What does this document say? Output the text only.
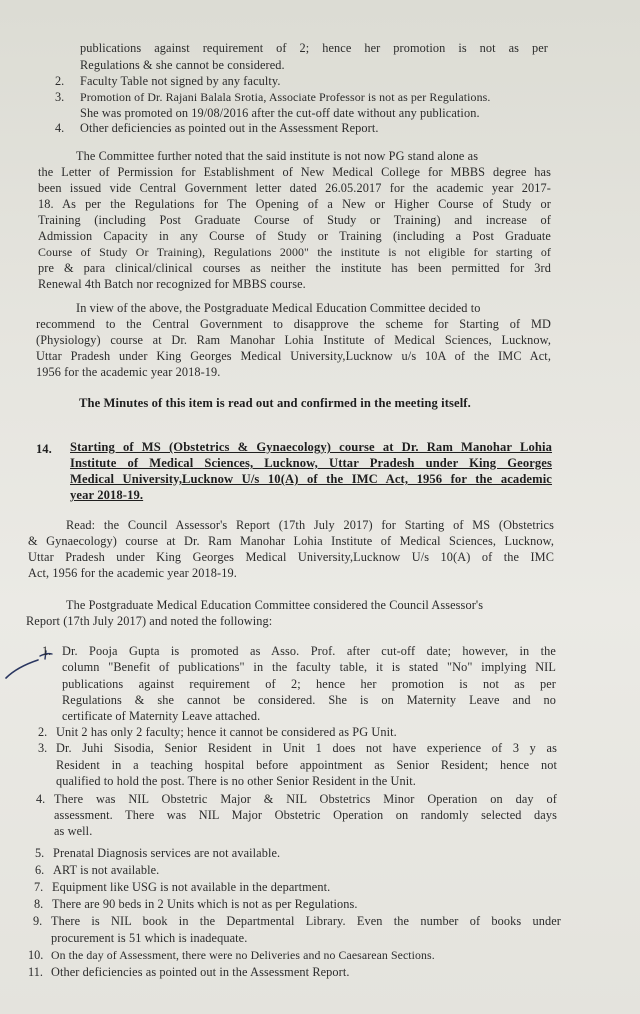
publications against requirement of 2; hence her promotion is not as per
Regulations & she cannot be considered.
2. Faculty Table not signed by any faculty.
3. Promotion of Dr. Rajani Balala Srotia, Associate Professor is not as per Regulations.
She was promoted on 19/08/2016 after the cut-off date without any publication.
4. Other deficiencies as pointed out in the Assessment Report.
The Committee further noted that the said institute is not now PG stand alone as
the Letter of Permission for Establishment of New Medical College for MBBS degree has
been issued vide Central Government letter dated 26.05.2017 for the academic year 2017-
18. As per the Regulations for The Opening of a New or Higher Course of Study or
Training (including Post Graduate Course of Study or Training) and increase of
Admission Capacity in any Course of Study or Training (including a Post Graduate
Course of Study Or Training), Regulations 2000" the institute is not eligible for starting of
pre & para clinical/clinical courses as neither the institute has been permitted for 3rd
Renewal 4th Batch nor recognized for MBBS course.
In view of the above, the Postgraduate Medical Education Committee decided to
recommend to the Central Government to disapprove the scheme for Starting of MD
(Physiology) course at Dr. Ram Manohar Lohia Institute of Medical Sciences, Lucknow,
Uttar Pradesh under King Georges Medical University,Lucknow u/s 10A of the IMC Act,
1956 for the academic year 2018-19.
The Minutes of this item is read out and confirmed in the meeting itself.
14. Starting of MS (Obstetrics & Gynaecology) course at Dr. Ram Manohar Lohia
Institute of Medical Sciences, Lucknow, Uttar Pradesh under King Georges
Medical University,Lucknow U/s 10(A) of the IMC Act, 1956 for the academic
year 2018-19.
Read: the Council Assessor's Report (17th July 2017) for Starting of MS (Obstetrics
& Gynaecology) course at Dr. Ram Manohar Lohia Institute of Medical Sciences, Lucknow,
Uttar Pradesh under King Georges Medical University,Lucknow U/s 10(A) of the IMC
Act, 1956 for the academic year 2018-19.
The Postgraduate Medical Education Committee considered the Council Assessor's
Report (17th July 2017) and noted the following:
1. Dr. Pooja Gupta is promoted as Asso. Prof. after cut-off date; however, in the
column "Benefit of publications" in the faculty table, it is stated "No" implying NIL
publications against requirement of 2; hence her promotion is not as per
Regulations & she cannot be considered. She is on Maternity Leave and no
certificate of Maternity Leave attached.
2. Unit 2 has only 2 faculty; hence it cannot be considered as PG Unit.
3. Dr. Juhi Sisodia, Senior Resident in Unit 1 does not have experience of 3 y as
Resident in a teaching hospital before appointment as Senior Resident; hence not
qualified to hold the post. There is no other Senior Resident in the Unit.
4. There was NIL Obstetric Major & NIL Obstetrics Minor Operation on day of
assessment. There was NIL Major Obstetric Operation on randomly selected days
as well.
5. Prenatal Diagnosis services are not available.
6. ART is not available.
7. Equipment like USG is not available in the department.
8. There are 90 beds in 2 Units which is not as per Regulations.
9. There is NIL book in the Departmental Library. Even the number of books under
procurement is 51 which is inadequate.
10. On the day of Assessment, there were no Deliveries and no Caesarean Sections.
11. Other deficiencies as pointed out in the Assessment Report.
